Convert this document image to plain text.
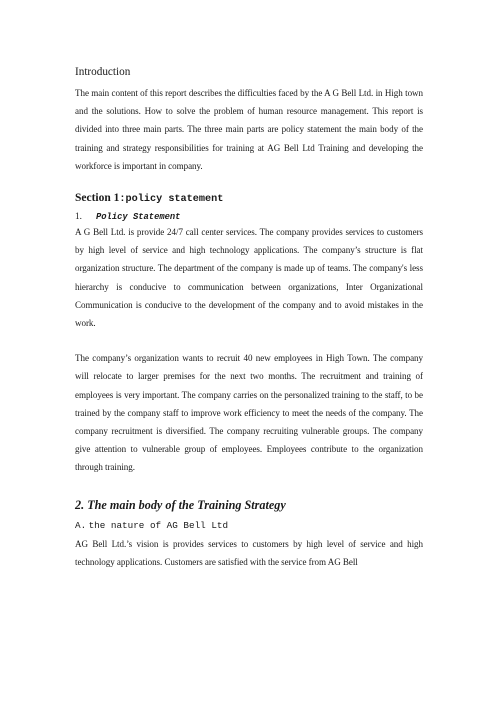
Introduction

The main content of this report describes the difficulties faced by the A G Bell Ltd. in High town and the solutions. How to solve the problem of human resource management. This report is divided into three main parts. The three main parts are policy statement the main body of the training and strategy responsibilities for training at AG Bell Ltd Training and developing the workforce is important in company.

Section 1:policy statement
1. Policy Statement

A G Bell Ltd. is provide 24/7 call center services. The company provides services to customers by high level of service and high technology applications. The company’s structure is flat organization structure. The department of the company is made up of teams. The company's less hierarchy is conducive to communication between organizations, Inter Organizational Communication is conducive to the development of the company and to avoid mistakes in the work.

The company’s organization wants to recruit 40 new employees in High Town. The company will relocate to larger premises for the next two months. The recruitment and training of employees is very important. The company carries on the personalized training to the staff, to be trained by the company staff to improve work efficiency to meet the needs of the company. The company recruitment is diversified. The company recruiting vulnerable groups. The company give attention to vulnerable group of employees. Employees contribute to the organization through training.

2. The main body of the Training Strategy
A. the nature of AG Bell Ltd

AG Bell Ltd.’s vision is provides services to customers by high level of service and high technology applications. Customers are satisfied with the service from AG Bell
